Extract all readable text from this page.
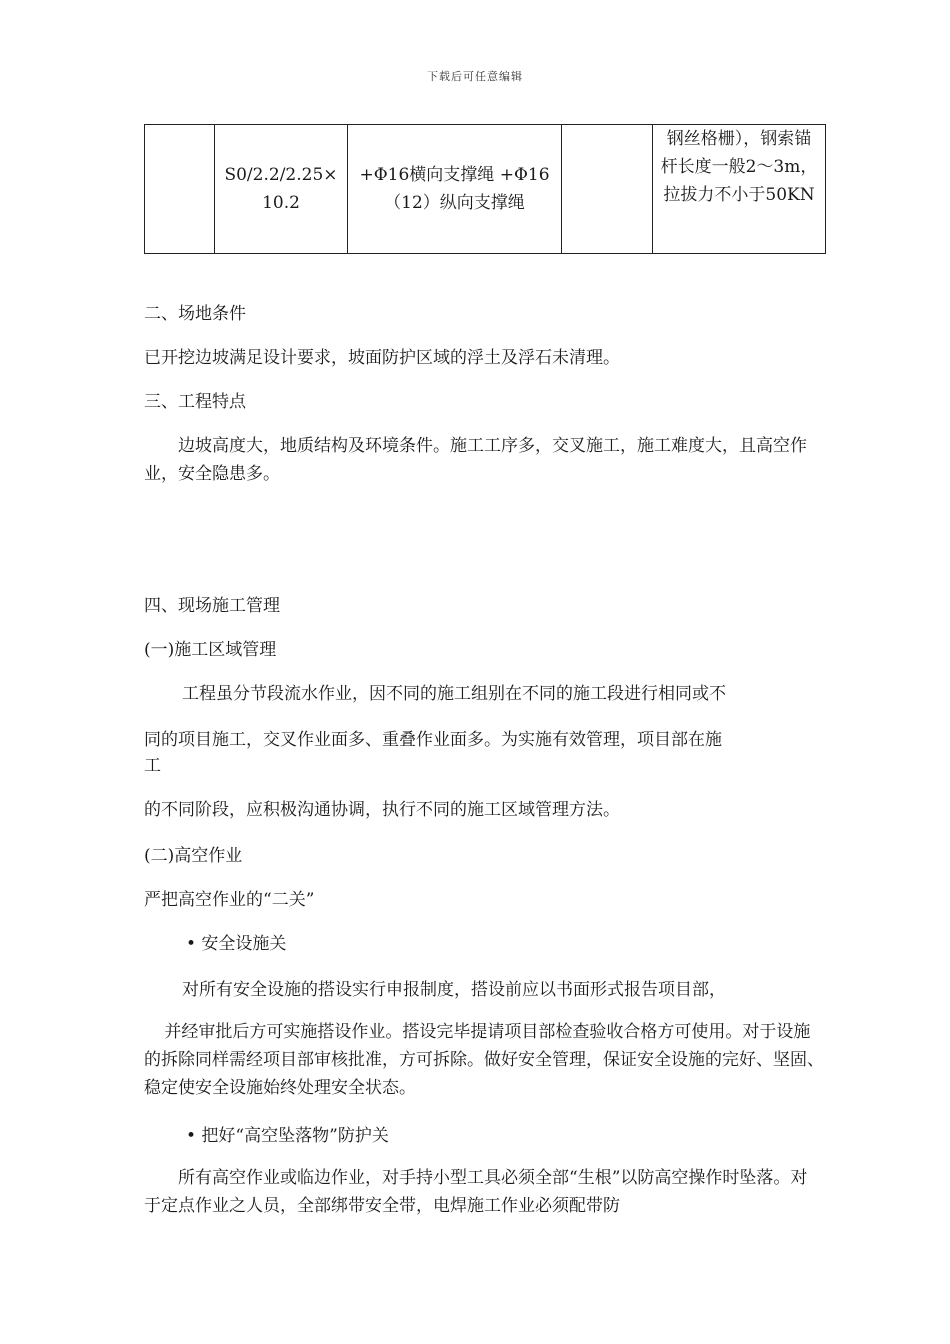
下载后可任意编辑
	S0/2.2/2.25×10.2	+Φ16横向支撑绳 +Φ16（12）纵向支撑绳		钢丝格栅），钢索锚杆长度一般2～3m，拉拔力不小于50KN
二、场地条件
已开挖边坡满足设计要求，坡面防护区域的浮土及浮石未清理。
三、工程特点
边坡高度大，地质结构及环境条件。施工工序多，交叉施工，施工难度大，且高空作业，安全隐患多。
四、现场施工管理
(一)施工区域管理
工程虽分节段流水作业，因不同的施工组别在不同的施工段进行相同或不
同的项目施工，交叉作业面多、重叠作业面多。为实施有效管理，项目部在施
工
的不同阶段，应积极沟通协调，执行不同的施工区域管理方法。
(二)高空作业
严把高空作业的“二关”
• 安全设施关
对所有安全设施的搭设实行申报制度，搭设前应以书面形式报告项目部，
并经审批后方可实施搭设作业。搭设完毕提请项目部检查验收合格方可使用。对于设施的拆除同样需经项目部审核批准，方可拆除。做好安全管理，保证安全设施的完好、坚固、稳定使安全设施始终处理安全状态。
• 把好“高空坠落物”防护关
所有高空作业或临边作业，对手持小型工具必须全部“生根”以防高空操作时坠落。对于定点作业之人员，全部绑带安全带，电焊施工作业必须配带防
